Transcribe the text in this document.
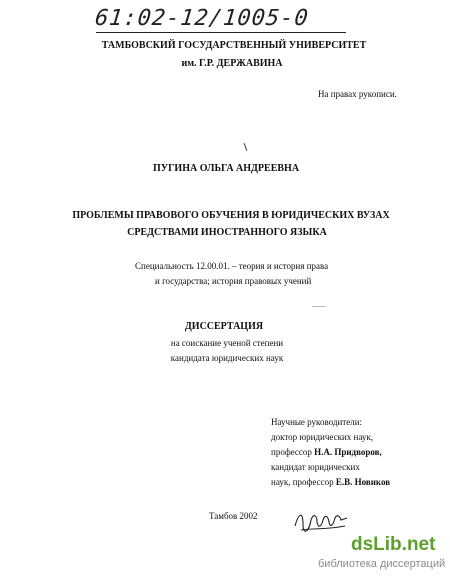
61:02-12/1005-0
ТАМБОВСКИЙ ГОСУДАРСТВЕННЫЙ УНИВЕРСИТЕТ
им. Г.Р. ДЕРЖАВИНА
На правах рукописи.
ПУГИНА ОЛЬГА АНДРЕЕВНА
ПРОБЛЕМЫ ПРАВОВОГО ОБУЧЕНИЯ В ЮРИДИЧЕСКИХ ВУЗАХ
СРЕДСТВАМИ ИНОСТРАННОГО ЯЗЫКА
Специальность 12.00.01. – теория и история права
и государства; история правовых учений
ДИССЕРТАЦИЯ
на соискание ученой степени
кандидата юридических наук
Научные руководители:
доктор юридических наук,
профессор Н.А. Придворов,
кандидат юридических
наук, профессор Е.В. Новиков
Тамбов 2002
dsLib.net
библиотека диссертаций
